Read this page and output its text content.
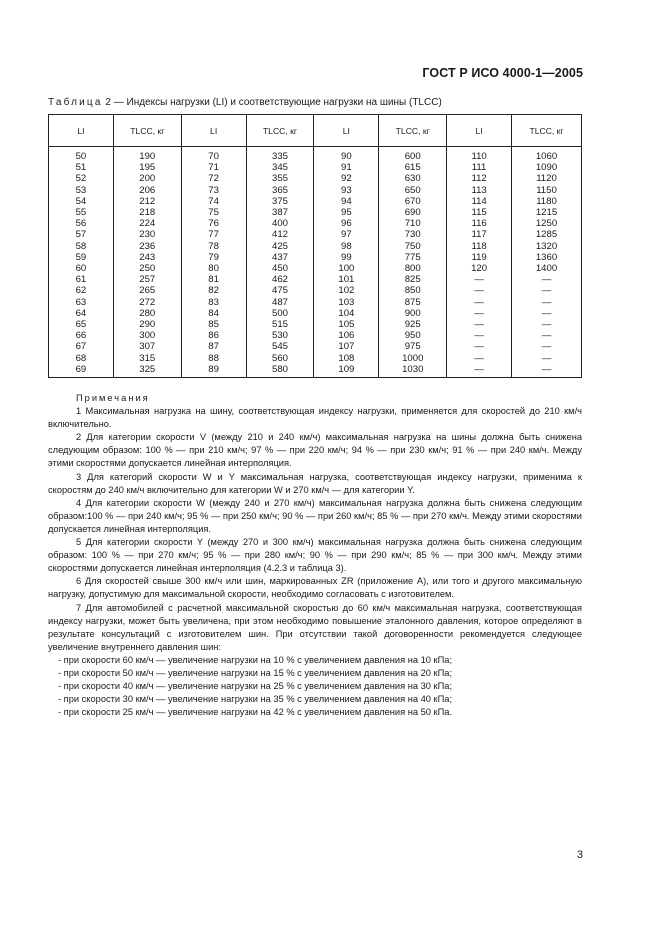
ГОСТ Р ИСО 4000-1—2005
Таблица 2 — Индексы нагрузки (LI) и соответствующие нагрузки на шины (TLCC)
LI	TLCC, кг	LI	TLCC, кг	LI	TLCC, кг	LI	TLCC, кг
50	190	70	335	90	600	110	1060
51	195	71	345	91	615	111	1090
52	200	72	355	92	630	112	1120
53	206	73	365	93	650	113	1150
54	212	74	375	94	670	114	1180
55	218	75	387	95	690	115	1215
56	224	76	400	96	710	116	1250
57	230	77	412	97	730	117	1285
58	236	78	425	98	750	118	1320
59	243	79	437	99	775	119	1360
60	250	80	450	100	800	120	1400
61	257	81	462	101	825	—	—
62	265	82	475	102	850	—	—
63	272	83	487	103	875	—	—
64	280	84	500	104	900	—	—
65	290	85	515	105	925	—	—
66	300	86	530	106	950	—	—
67	307	87	545	107	975	—	—
68	315	88	560	108	1000	—	—
69	325	89	580	109	1030	—	—
Примечания

1 Максимальная нагрузка на шину, соответствующая индексу нагрузки, применяется для скоростей до 210 км/ч включительно.

2 Для категории скорости V (между 210 и 240 км/ч) максимальная нагрузка на шины должна быть снижена следующим образом: 100 % — при 210 км/ч; 97 % — при 220 км/ч; 94 % — при 230 км/ч; 91 % — при 240 км/ч. Между этими скоростями допускается линейная интерполяция.

3 Для категорий скорости W и Y максимальная нагрузка, соответствующая индексу нагрузки, применима к скоростям до 240 км/ч включительно для категории W и 270 км/ч — для категории Y.

4 Для категории скорости W (между 240 и 270 км/ч) максимальная нагрузка должна быть снижена следующим образом:100 % — при 240 км/ч; 95 % — при 250 км/ч; 90 % — при 260 км/ч; 85 % — при 270 км/ч. Между этими скоростями допускается линейная интерполяция.

5 Для категории скорости Y (между 270 и 300 км/ч) максимальная нагрузка должна быть снижена следующим образом: 100 % — при 270 км/ч; 95 % — при 280 км/ч; 90 % — при 290 км/ч; 85 % — при 300 км/ч. Между этими скоростями допускается линейная интерполяция (4.2.3 и таблица 3).

6 Для скоростей свыше 300 км/ч или шин, маркированных ZR (приложение А), или того и другого максимальную нагрузку, допустимую для максимальной скорости, необходимо согласовать с изготовителем.

7 Для автомобилей с расчетной максимальной скоростью до 60 км/ч максимальная нагрузка, соответствующая индексу нагрузки, может быть увеличена, при этом необходимо повышение эталонного давления, которое определяют в результате консультаций с изготовителем шин. При отсутствии такой договоренности рекомендуется следующее увеличение внутреннего давления шин:

- при скорости 60 км/ч — увеличение нагрузки на 10 % с увеличением давления на 10 кПа;

- при скорости 50 км/ч — увеличение нагрузки на 15 % с увеличением давления на 20 кПа;

- при скорости 40 км/ч — увеличение нагрузки на 25 % с увеличением давления на 30 кПа;

- при скорости 30 км/ч — увеличение нагрузки на 35 % с увеличением давления на 40 кПа;

- при скорости 25 км/ч — увеличение нагрузки на 42 % с увеличением давления на 50 кПа.

3
